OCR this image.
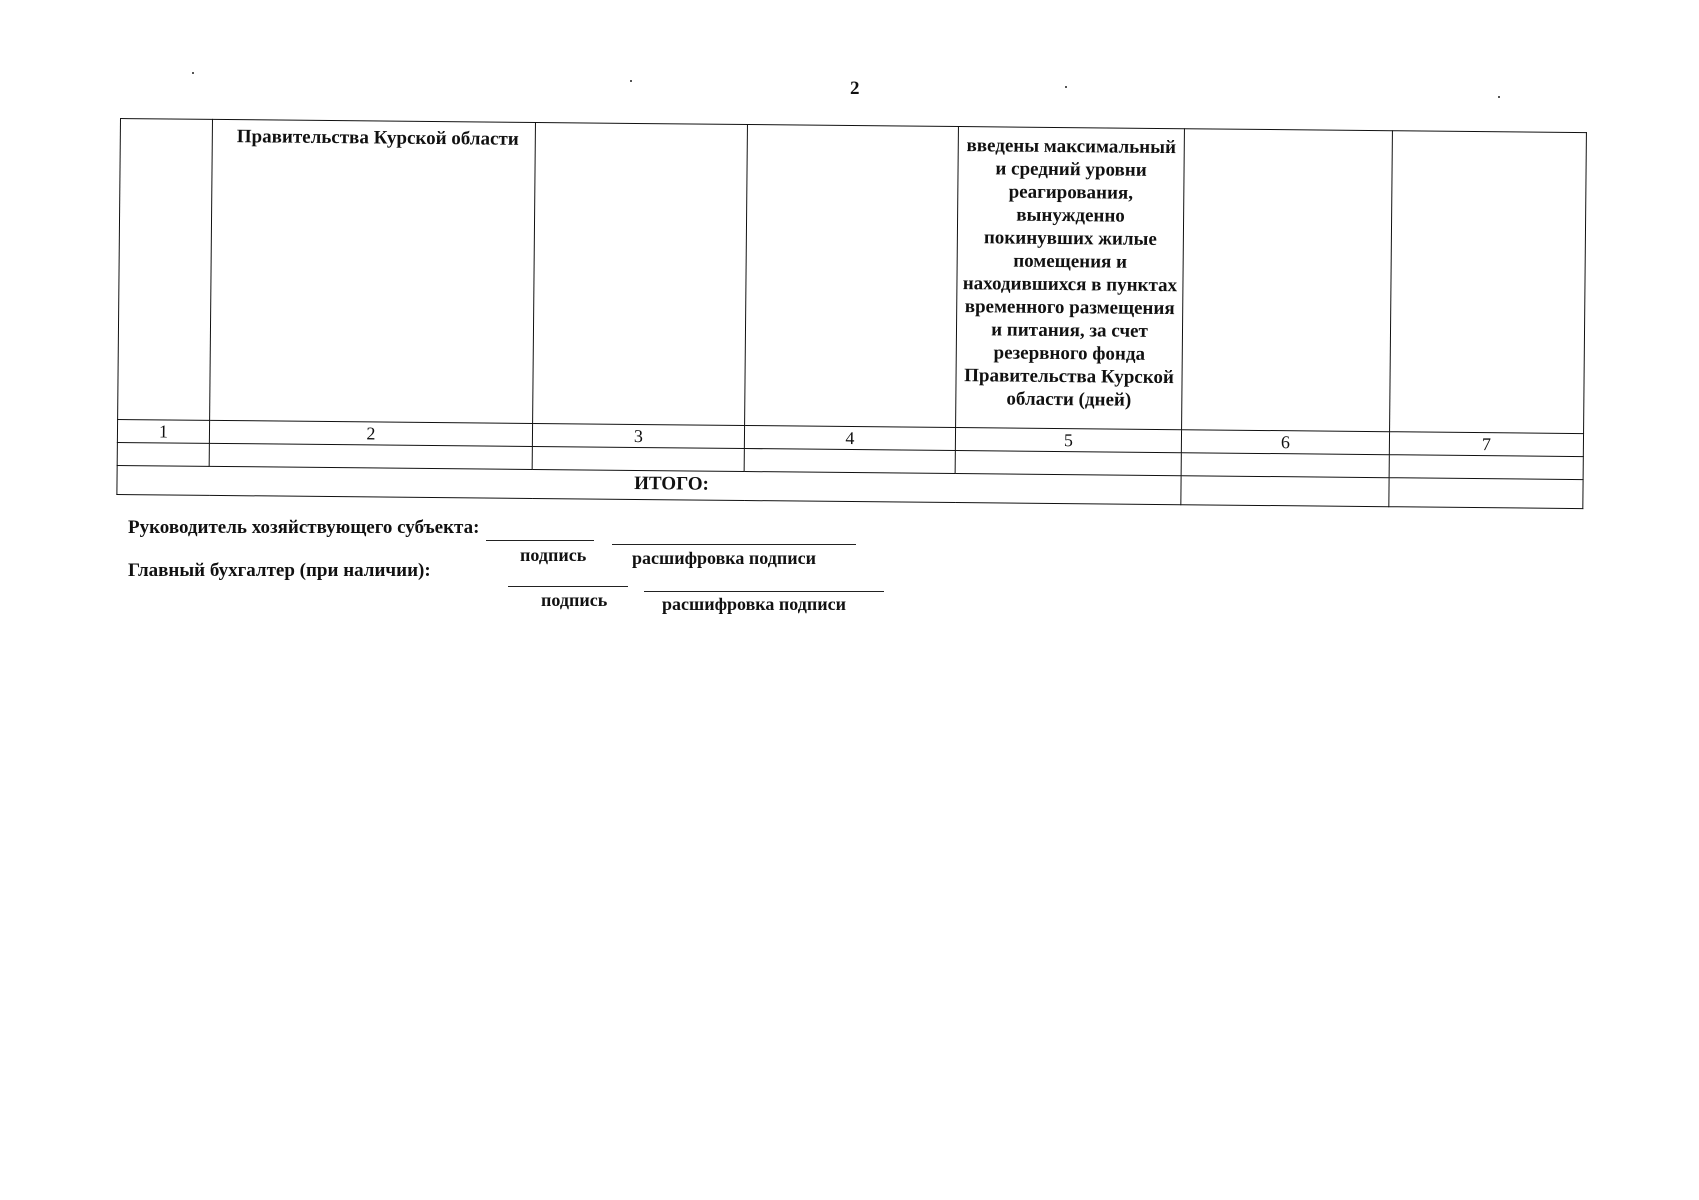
2

	Правительства Курской области			введены максимальный и средний уровни реагирования, вынужденно покинувших жилые помещения и находившихся в пунктах временного размещения и питания, за счет резервного фонда Правительства Курской области (дней)		

1	2	3	4	5	6	7

ИТОГО:						

Руководитель хозяйствующего субъекта:
подпись	расшифровка подписи
Главный бухгалтер (при наличии):
подпись	расшифровка подписи
